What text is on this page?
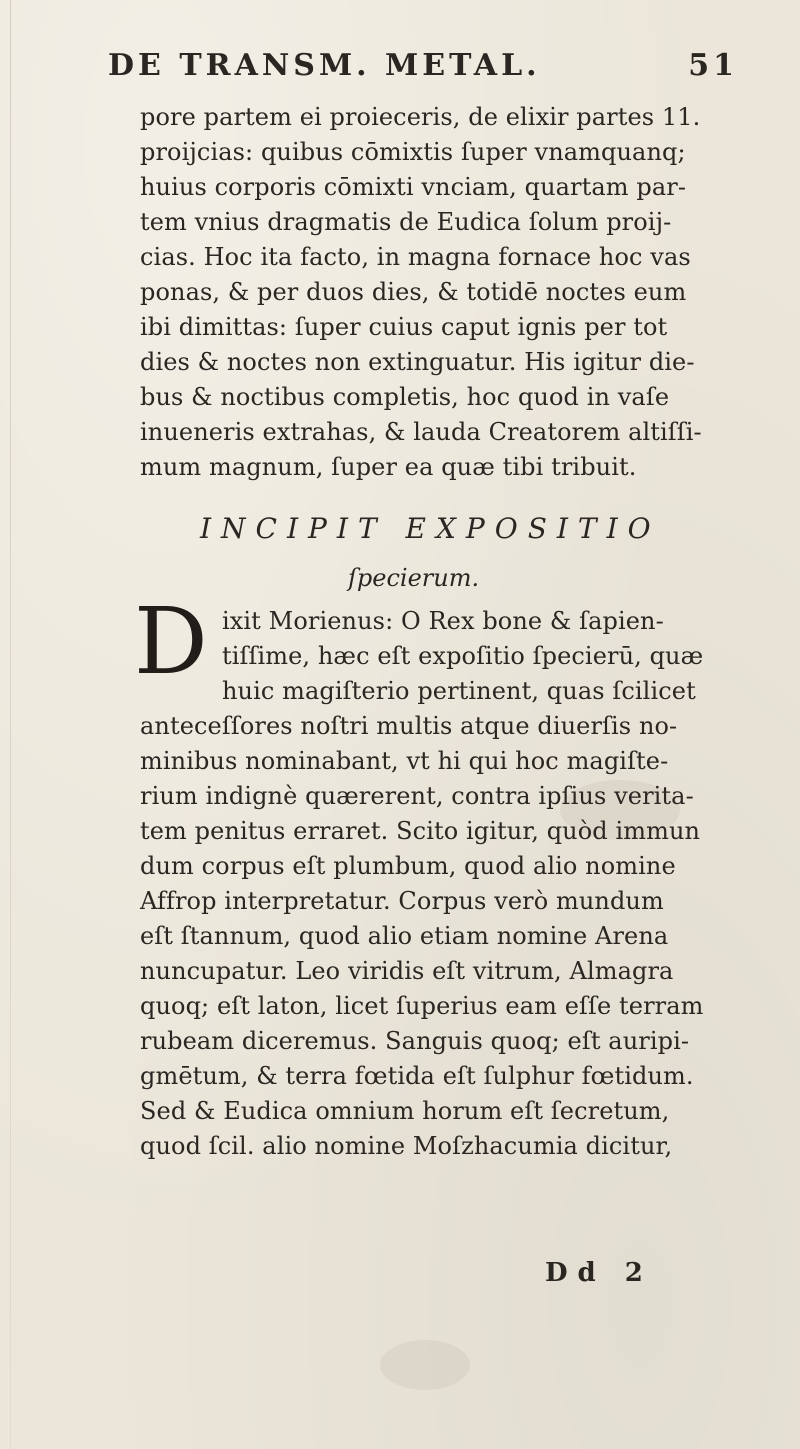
DE TRANSM. METAL.	51
pore partem ei proieceris, de elixir partes 11.
proijcias: quibus cōmixtis ſuper vnamquanq;
huius corporis cōmixti vnciam, quartam par-
tem vnius dragmatis de Eudica ſolum proij-
cias. Hoc ita facto, in magna fornace hoc vas
ponas, & per duos dies, & totidē noctes eum
ibi dimittas: ſuper cuius caput ignis per tot
dies & noctes non extinguatur. His igitur die-
bus & noctibus completis, hoc quod in vaſe
inueneris extrahas, & lauda Creatorem altiſſi-
mum magnum, ſuper ea quæ tibi tribuit.
INCIPIT EXPOSITIO
ſpecierum.
D ixit Morienus: O Rex bone & ſapien-
tiſſime, hæc eſt expoſitio ſpecierū, quæ
huic magiſterio pertinent, quas ſcilicet
anteceſſores noſtri multis atque diuerſis no-
minibus nominabant, vt hi qui hoc magiſte-
rium indignè quærerent, contra ipſius verita-
tem penitus erraret. Scito igitur, quòd immun
dum corpus eſt plumbum, quod alio nomine
Affrop interpretatur. Corpus verò mundum
eſt ſtannum, quod alio etiam nomine Arena
nuncupatur. Leo viridis eſt vitrum, Almagra
quoq; eſt laton, licet ſuperius eam eſſe terram
rubeam diceremus. Sanguis quoq; eſt auripi-
gmētum, & terra fœtida eſt ſulphur fœtidum.
Sed & Eudica omnium horum eſt ſecretum,
quod ſcil. alio nomine Moſzhacumia dicitur,
Dd 2
